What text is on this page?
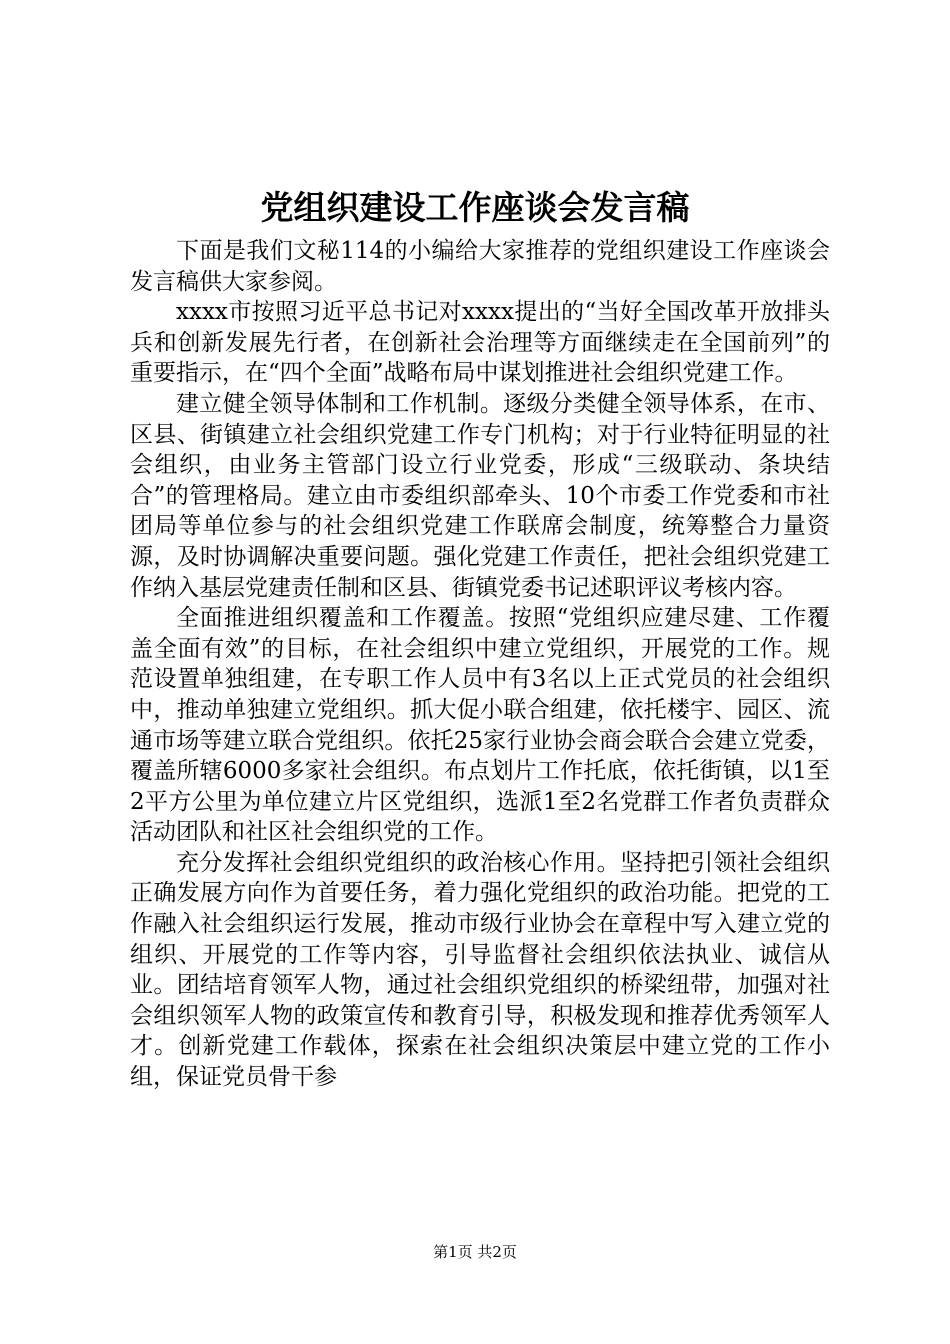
党组织建设工作座谈会发言稿

下面是我们文秘114的小编给大家推荐的党组织建设工作座谈会发言稿供大家参阅。

xxxx市按照习近平总书记对xxxx提出的“当好全国改革开放排头兵和创新发展先行者，在创新社会治理等方面继续走在全国前列”的重要指示，在“四个全面”战略布局中谋划推进社会组织党建工作。

建立健全领导体制和工作机制。逐级分类健全领导体系，在市、区县、街镇建立社会组织党建工作专门机构；对于行业特征明显的社会组织，由业务主管部门设立行业党委，形成“三级联动、条块结合”的管理格局。建立由市委组织部牵头、10个市委工作党委和市社团局等单位参与的社会组织党建工作联席会制度，统筹整合力量资源，及时协调解决重要问题。强化党建工作责任，把社会组织党建工作纳入基层党建责任制和区县、街镇党委书记述职评议考核内容。

全面推进组织覆盖和工作覆盖。按照“党组织应建尽建、工作覆盖全面有效”的目标，在社会组织中建立党组织，开展党的工作。规范设置单独组建，在专职工作人员中有3名以上正式党员的社会组织中，推动单独建立党组织。抓大促小联合组建，依托楼宇、园区、流通市场等建立联合党组织。依托25家行业协会商会联合会建立党委，覆盖所辖6000多家社会组织。布点划片工作托底，依托街镇，以1至2平方公里为单位建立片区党组织，选派1至2名党群工作者负责群众活动团队和社区社会组织党的工作。

充分发挥社会组织党组织的政治核心作用。坚持把引领社会组织正确发展方向作为首要任务，着力强化党组织的政治功能。把党的工作融入社会组织运行发展，推动市级行业协会在章程中写入建立党的组织、开展党的工作等内容，引导监督社会组织依法执业、诚信从业。团结培育领军人物，通过社会组织党组织的桥梁纽带，加强对社会组织领军人物的政策宣传和教育引导，积极发现和推荐优秀领军人才。创新党建工作载体，探索在社会组织决策层中建立党的工作小组，保证党员骨干参

第1页 共2页
